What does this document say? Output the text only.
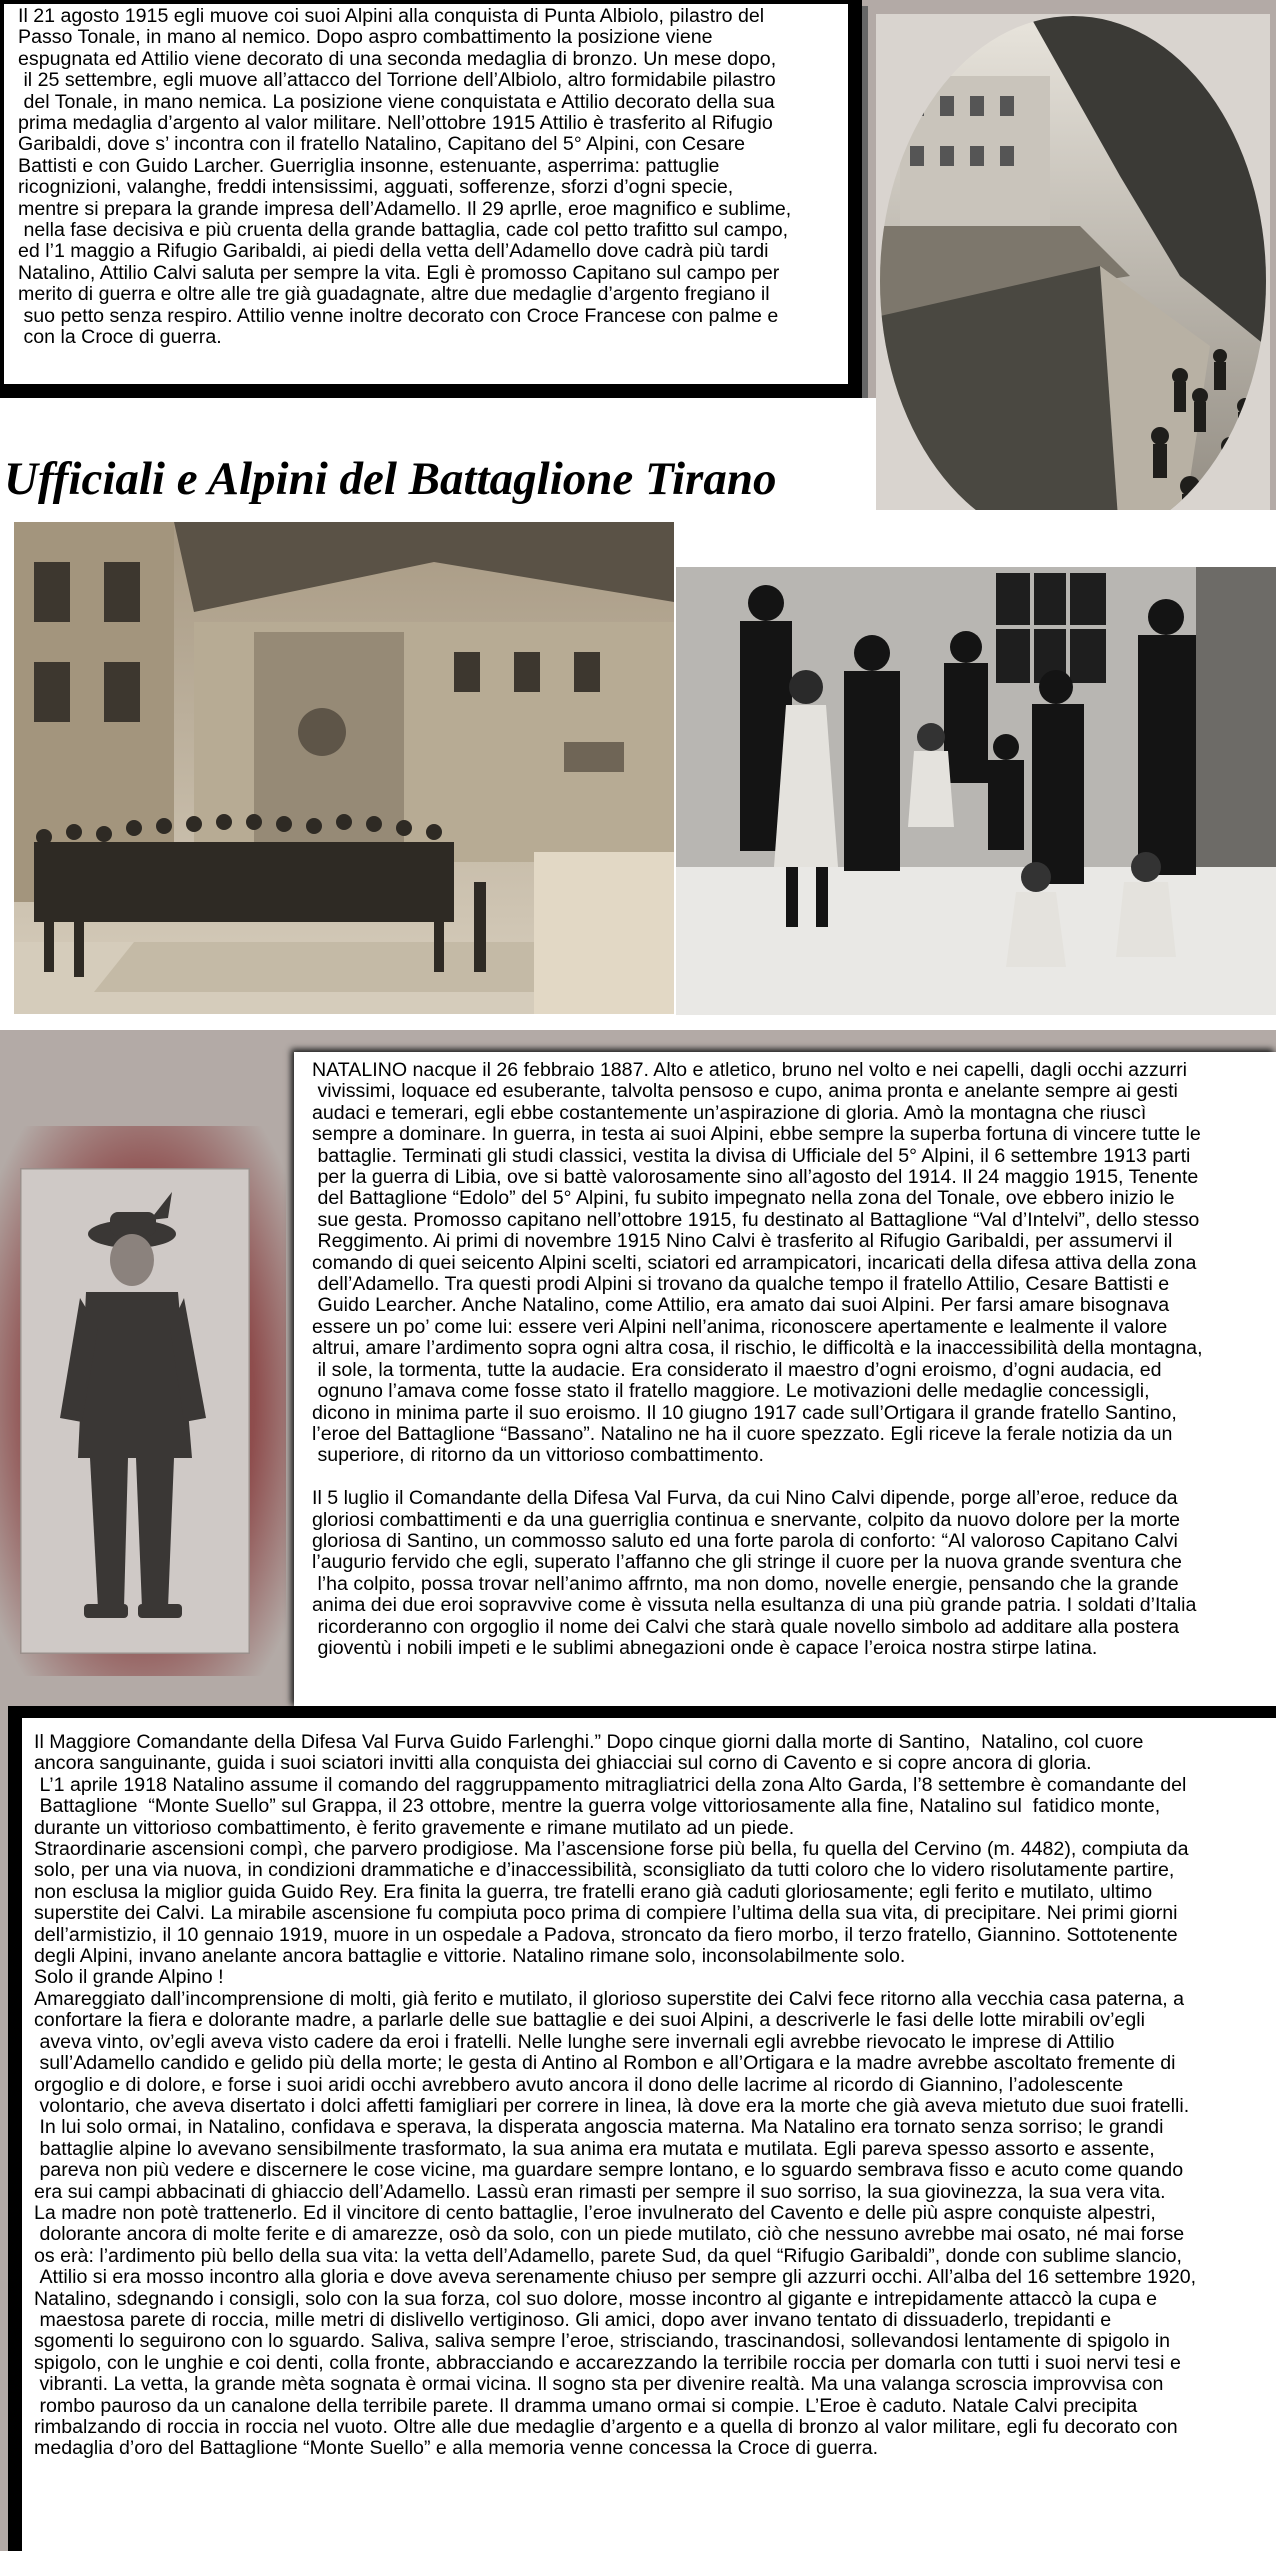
Il 21 agosto 1915 egli muove coi suoi Alpini alla conquista di Punta Albiolo, pilastro del
Passo Tonale, in mano al nemico. Dopo aspro combattimento la posizione viene
espugnata ed Attilio viene decorato di una seconda medaglia di bronzo. Un mese dopo,
il 25 settembre, egli muove all’attacco del Torrione dell’Albiolo, altro formidabile pilastro
del Tonale, in mano nemica. La posizione viene conquistata e Attilio decorato della sua
prima medaglia d’argento al valor militare. Nell’ottobre 1915 Attilio è trasferito al Rifugio
Garibaldi, dove s’ incontra con il fratello Natalino, Capitano del 5° Alpini, con Cesare
Battisti e con Guido Larcher. Guerriglia insonne, estenuante, asperrima: pattuglie
ricognizioni, valanghe, freddi intensissimi, agguati, sofferenze, sforzi d’ogni specie,
mentre si prepara la grande impresa dell’Adamello. Il 29 aprlle, eroe magnifico e sublime,
nella fase decisiva e più cruenta della grande battaglia, cade col petto trafitto sul campo,
ed l’1 maggio a Rifugio Garibaldi, ai piedi della vetta dell’Adamello dove cadrà più tardi
Natalino, Attilio Calvi saluta per sempre la vita. Egli è promosso Capitano sul campo per
merito di guerra e oltre alle tre già guadagnate, altre due medaglie d’argento fregiano il
suo petto senza respiro. Attilio venne inoltre decorato con Croce Francese con palme e
con la Croce di guerra.

Ufficiali e Alpini del Battaglione Tirano

NATALINO nacque il 26 febbraio 1887. Alto e atletico, bruno nel volto e nei capelli, dagli occhi azzurri
vivissimi, loquace ed esuberante, talvolta pensoso e cupo, anima pronta e anelante sempre ai gesti
audaci e temerari, egli ebbe costantemente un’aspirazione di gloria. Amò la montagna che riuscì
sempre a dominare. In guerra, in testa ai suoi Alpini, ebbe sempre la superba fortuna di vincere tutte le
battaglie. Terminati gli studi classici, vestita la divisa di Ufficiale del 5° Alpini, il 6 settembre 1913 parti
per la guerra di Libia, ove si battè valorosamente sino all’agosto del 1914. Il 24 maggio 1915, Tenente
del Battaglione “Edolo” del 5° Alpini, fu subito impegnato nella zona del Tonale, ove ebbero inizio le
sue gesta. Promosso capitano nell’ottobre 1915, fu destinato al Battaglione “Val d’Intelvi”, dello stesso
Reggimento. Ai primi di novembre 1915 Nino Calvi è trasferito al Rifugio Garibaldi, per assumervi il
comando di quei seicento Alpini scelti, sciatori ed arrampicatori, incaricati della difesa attiva della zona
dell’Adamello. Tra questi prodi Alpini si trovano da qualche tempo il fratello Attilio, Cesare Battisti e
Guido Learcher. Anche Natalino, come Attilio, era amato dai suoi Alpini. Per farsi amare bisognava
essere un po’ come lui: essere veri Alpini nell’anima, riconoscere apertamente e lealmente il valore
altrui, amare l’ardimento sopra ogni altra cosa, il rischio, le difficoltà e la inaccessibilità della montagna,
il sole, la tormenta, tutte la audacie. Era considerato il maestro d’ogni eroismo, d’ogni audacia, ed
ognuno l’amava come fosse stato il fratello maggiore. Le motivazioni delle medaglie concessigli,
dicono in minima parte il suo eroismo. Il 10 giugno 1917 cade sull’Ortigara il grande fratello Santino,
l’eroe del Battaglione “Bassano”. Natalino ne ha il cuore spezzato. Egli riceve la ferale notizia da un
superiore, di ritorno da un vittorioso combattimento.

Il 5 luglio il Comandante della Difesa Val Furva, da cui Nino Calvi dipende, porge all’eroe, reduce da
gloriosi combattimenti e da una guerriglia continua e snervante, colpito da nuovo dolore per la morte
gloriosa di Santino, un commosso saluto ed una forte parola di conforto: “Al valoroso Capitano Calvi
l’augurio fervido che egli, superato l’affanno che gli stringe il cuore per la nuova grande sventura che
l’ha colpito, possa trovar nell’animo affrnto, ma non domo, novelle energie, pensando che la grande
anima dei due eroi sopravvive come è vissuta nella esultanza di una più grande patria. I soldati d’Italia
ricorderanno con orgoglio il nome dei Calvi che starà quale novello simbolo ad additare alla postera
gioventù i nobili impeti e le sublimi abnegazioni onde è capace l’eroica nostra stirpe latina.

Il Maggiore Comandante della Difesa Val Furva Guido Farlenghi.” Dopo cinque giorni dalla morte di Santino,  Natalino, col cuore
ancora sanguinante, guida i suoi sciatori invitti alla conquista dei ghiacciai sul corno di Cavento e si copre ancora di gloria.
L’1 aprile 1918 Natalino assume il comando del raggruppamento mitragliatrici della zona Alto Garda, l’8 settembre è comandante del
Battaglione  “Monte Suello” sul Grappa, il 23 ottobre, mentre la guerra volge vittoriosamente alla fine, Natalino sul  fatidico monte,
durante un vittorioso combattimento, è ferito gravemente e rimane mutilato ad un piede.
Straordinarie ascensioni compì, che parvero prodigiose. Ma l’ascensione forse più bella, fu quella del Cervino (m. 4482), compiuta da
solo, per una via nuova, in condizioni drammatiche e d’inaccessibilità, sconsigliato da tutti coloro che lo videro risolutamente partire,
non esclusa la miglior guida Guido Rey. Era finita la guerra, tre fratelli erano già caduti gloriosamente; egli ferito e mutilato, ultimo
superstite dei Calvi. La mirabile ascensione fu compiuta poco prima di compiere l’ultima della sua vita, di precipitare. Nei primi giorni
dell’armistizio, il 10 gennaio 1919, muore in un ospedale a Padova, stroncato da fiero morbo, il terzo fratello, Giannino. Sottotenente
degli Alpini, invano anelante ancora battaglie e vittorie. Natalino rimane solo, inconsolabilmente solo.
Solo il grande Alpino !
Amareggiato dall’incomprensione di molti, già ferito e mutilato, il glorioso superstite dei Calvi fece ritorno alla vecchia casa paterna, a
confortare la fiera e dolorante madre, a parlarle delle sue battaglie e dei suoi Alpini, a descriverle le fasi delle lotte mirabili ov’egli
aveva vinto, ov’egli aveva visto cadere da eroi i fratelli. Nelle lunghe sere invernali egli avrebbe rievocato le imprese di Attilio
sull’Adamello candido e gelido più della morte; le gesta di Antino al Rombon e all’Ortigara e la madre avrebbe ascoltato fremente di
orgoglio e di dolore, e forse i suoi aridi occhi avrebbero avuto ancora il dono delle lacrime al ricordo di Giannino, l’adolescente
volontario, che aveva disertato i dolci affetti famigliari per correre in linea, là dove era la morte che già aveva mietuto due suoi fratelli.
In lui solo ormai, in Natalino, confidava e sperava, la disperata angoscia materna. Ma Natalino era tornato senza sorriso; le grandi
battaglie alpine lo avevano sensibilmente trasformato, la sua anima era mutata e mutilata. Egli pareva spesso assorto e assente,
pareva non più vedere e discernere le cose vicine, ma guardare sempre lontano, e lo sguardo sembrava fisso e acuto come quando
era sui campi abbacinati di ghiaccio dell’Adamello. Lassù eran rimasti per sempre il suo sorriso, la sua giovinezza, la sua vera vita.
La madre non potè trattenerlo. Ed il vincitore di cento battaglie, l’eroe invulnerato del Cavento e delle più aspre conquiste alpestri,
dolorante ancora di molte ferite e di amarezze, osò da solo, con un piede mutilato, ciò che nessuno avrebbe mai osato, né mai forse
os erà: l’ardimento più bello della sua vita: la vetta dell’Adamello, parete Sud, da quel “Rifugio Garibaldi”, donde con sublime slancio,
Attilio si era mosso incontro alla gloria e dove aveva serenamente chiuso per sempre gli azzurri occhi. All’alba del 16 settembre 1920,
Natalino, sdegnando i consigli, solo con la sua forza, col suo dolore, mosse incontro al gigante e intrepidamente attaccò la cupa e
maestosa parete di roccia, mille metri di dislivello vertiginoso. Gli amici, dopo aver invano tentato di dissuaderlo, trepidanti e
sgomenti lo seguirono con lo sguardo. Saliva, saliva sempre l’eroe, strisciando, trascinandosi, sollevandosi lentamente di spigolo in
spigolo, con le unghie e coi denti, colla fronte, abbracciando e accarezzando la terribile roccia per domarla con tutti i suoi nervi tesi e
vibranti. La vetta, la grande mèta sognata è ormai vicina. Il sogno sta per divenire realtà. Ma una valanga scroscia improvvisa con
rombo pauroso da un canalone della terribile parete. Il dramma umano ormai si compie. L’Eroe è caduto. Natale Calvi precipita
rimbalzando di roccia in roccia nel vuoto. Oltre alle due medaglie d’argento e a quella di bronzo al valor militare, egli fu decorato con
medaglia d’oro del Battaglione “Monte Suello” e alla memoria venne concessa la Croce di guerra.
